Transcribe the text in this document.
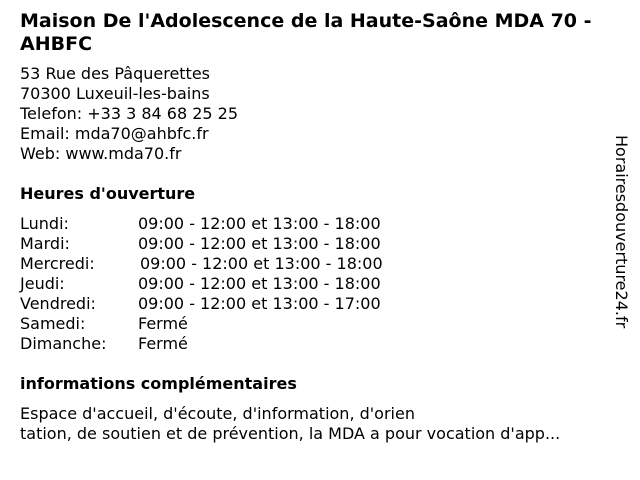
Maison De l'Adolescence de la Haute-Saône MDA 70 - AHBFC
53 Rue des Pâquerettes
70300 Luxeuil-les-bains
Telefon: +33 3 84 68 25 25
Email: mda70@ahbfc.fr
Web: www.mda70.fr
Heures d'ouverture
Lundi:	09:00 - 12:00 et 13:00 - 18:00
Mardi:	09:00 - 12:00 et 13:00 - 18:00
Mercredi:	09:00 - 12:00 et 13:00 - 18:00
Jeudi:	09:00 - 12:00 et 13:00 - 18:00
Vendredi:	09:00 - 12:00 et 13:00 - 17:00
Samedi:	Fermé
Dimanche: Fermé
informations complémentaires
Espace d'accueil, d'écoute, d'information, d'orien
tation, de soutien et de prévention, la MDA a pour vocation d'app...
Horairesdouverture24.fr
